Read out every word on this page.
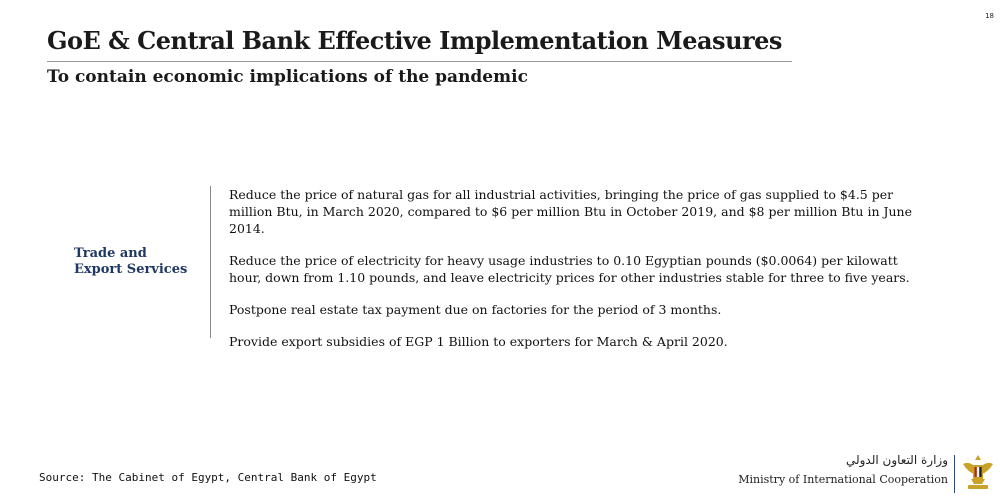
18
GoE & Central Bank Effective Implementation Measures
To contain economic implications of the pandemic
Trade and
Export Services
Reduce the price of natural gas for all industrial activities, bringing the price of gas supplied to $4.5 per million Btu, in March 2020, compared to $6 per million Btu in October 2019, and $8 per million Btu in June 2014.
Reduce the price of electricity for heavy usage industries to 0.10 Egyptian pounds ($0.0064) per kilowatt hour, down from 1.10 pounds, and leave electricity prices for other industries stable for three to five years.
Postpone real estate tax payment due on factories for the period of 3 months.
Provide export subsidies of EGP 1 Billion to exporters for March & April 2020.
Source: The Cabinet of Egypt, Central Bank of Egypt
وزارة التعاون الدولي
Ministry of International Cooperation
